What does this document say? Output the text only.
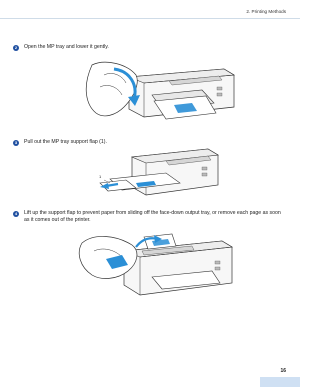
2. Printing Methods
2	Open the MP tray and lower it gently.
3	Pull out the MP tray support flap (1).
1
4	Lift up the support flap to prevent paper from sliding off the face-down output tray, or remove each page as soon as it comes out of the printer.
16
